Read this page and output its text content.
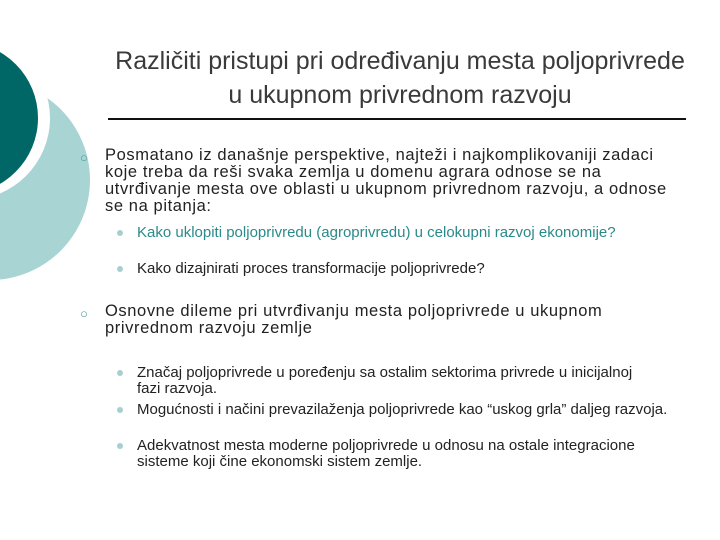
Različiti pristupi pri određivanju mesta poljoprivrede u ukupnom privrednom razvoju
○ Posmatano iz današnje perspektive, najteži i najkomplikovaniji zadaci koje treba da reši svaka zemlja u domenu agrara odnose se na utvrđivanje mesta ove oblasti u ukupnom privrednom razvoju, a odnose se na pitanja:
Kako uklopiti poljoprivredu (agroprivredu) u celokupni razvoj ekonomije?
Kako dizajnirati proces transformacije poljoprivrede?
○ Osnovne dileme pri utvrđivanju mesta poljoprivrede u ukupnom privrednom razvoju zemlje
Značaj poljoprivrede u poređenju sa ostalim sektorima privrede u inicijalnoj fazi razvoja.
Mogućnosti i načini prevazilaženja poljoprivrede kao “uskog grla” daljeg razvoja.
Adekvatnost mesta moderne poljoprivrede u odnosu na ostale integracione sisteme koji čine ekonomski sistem zemlje.
